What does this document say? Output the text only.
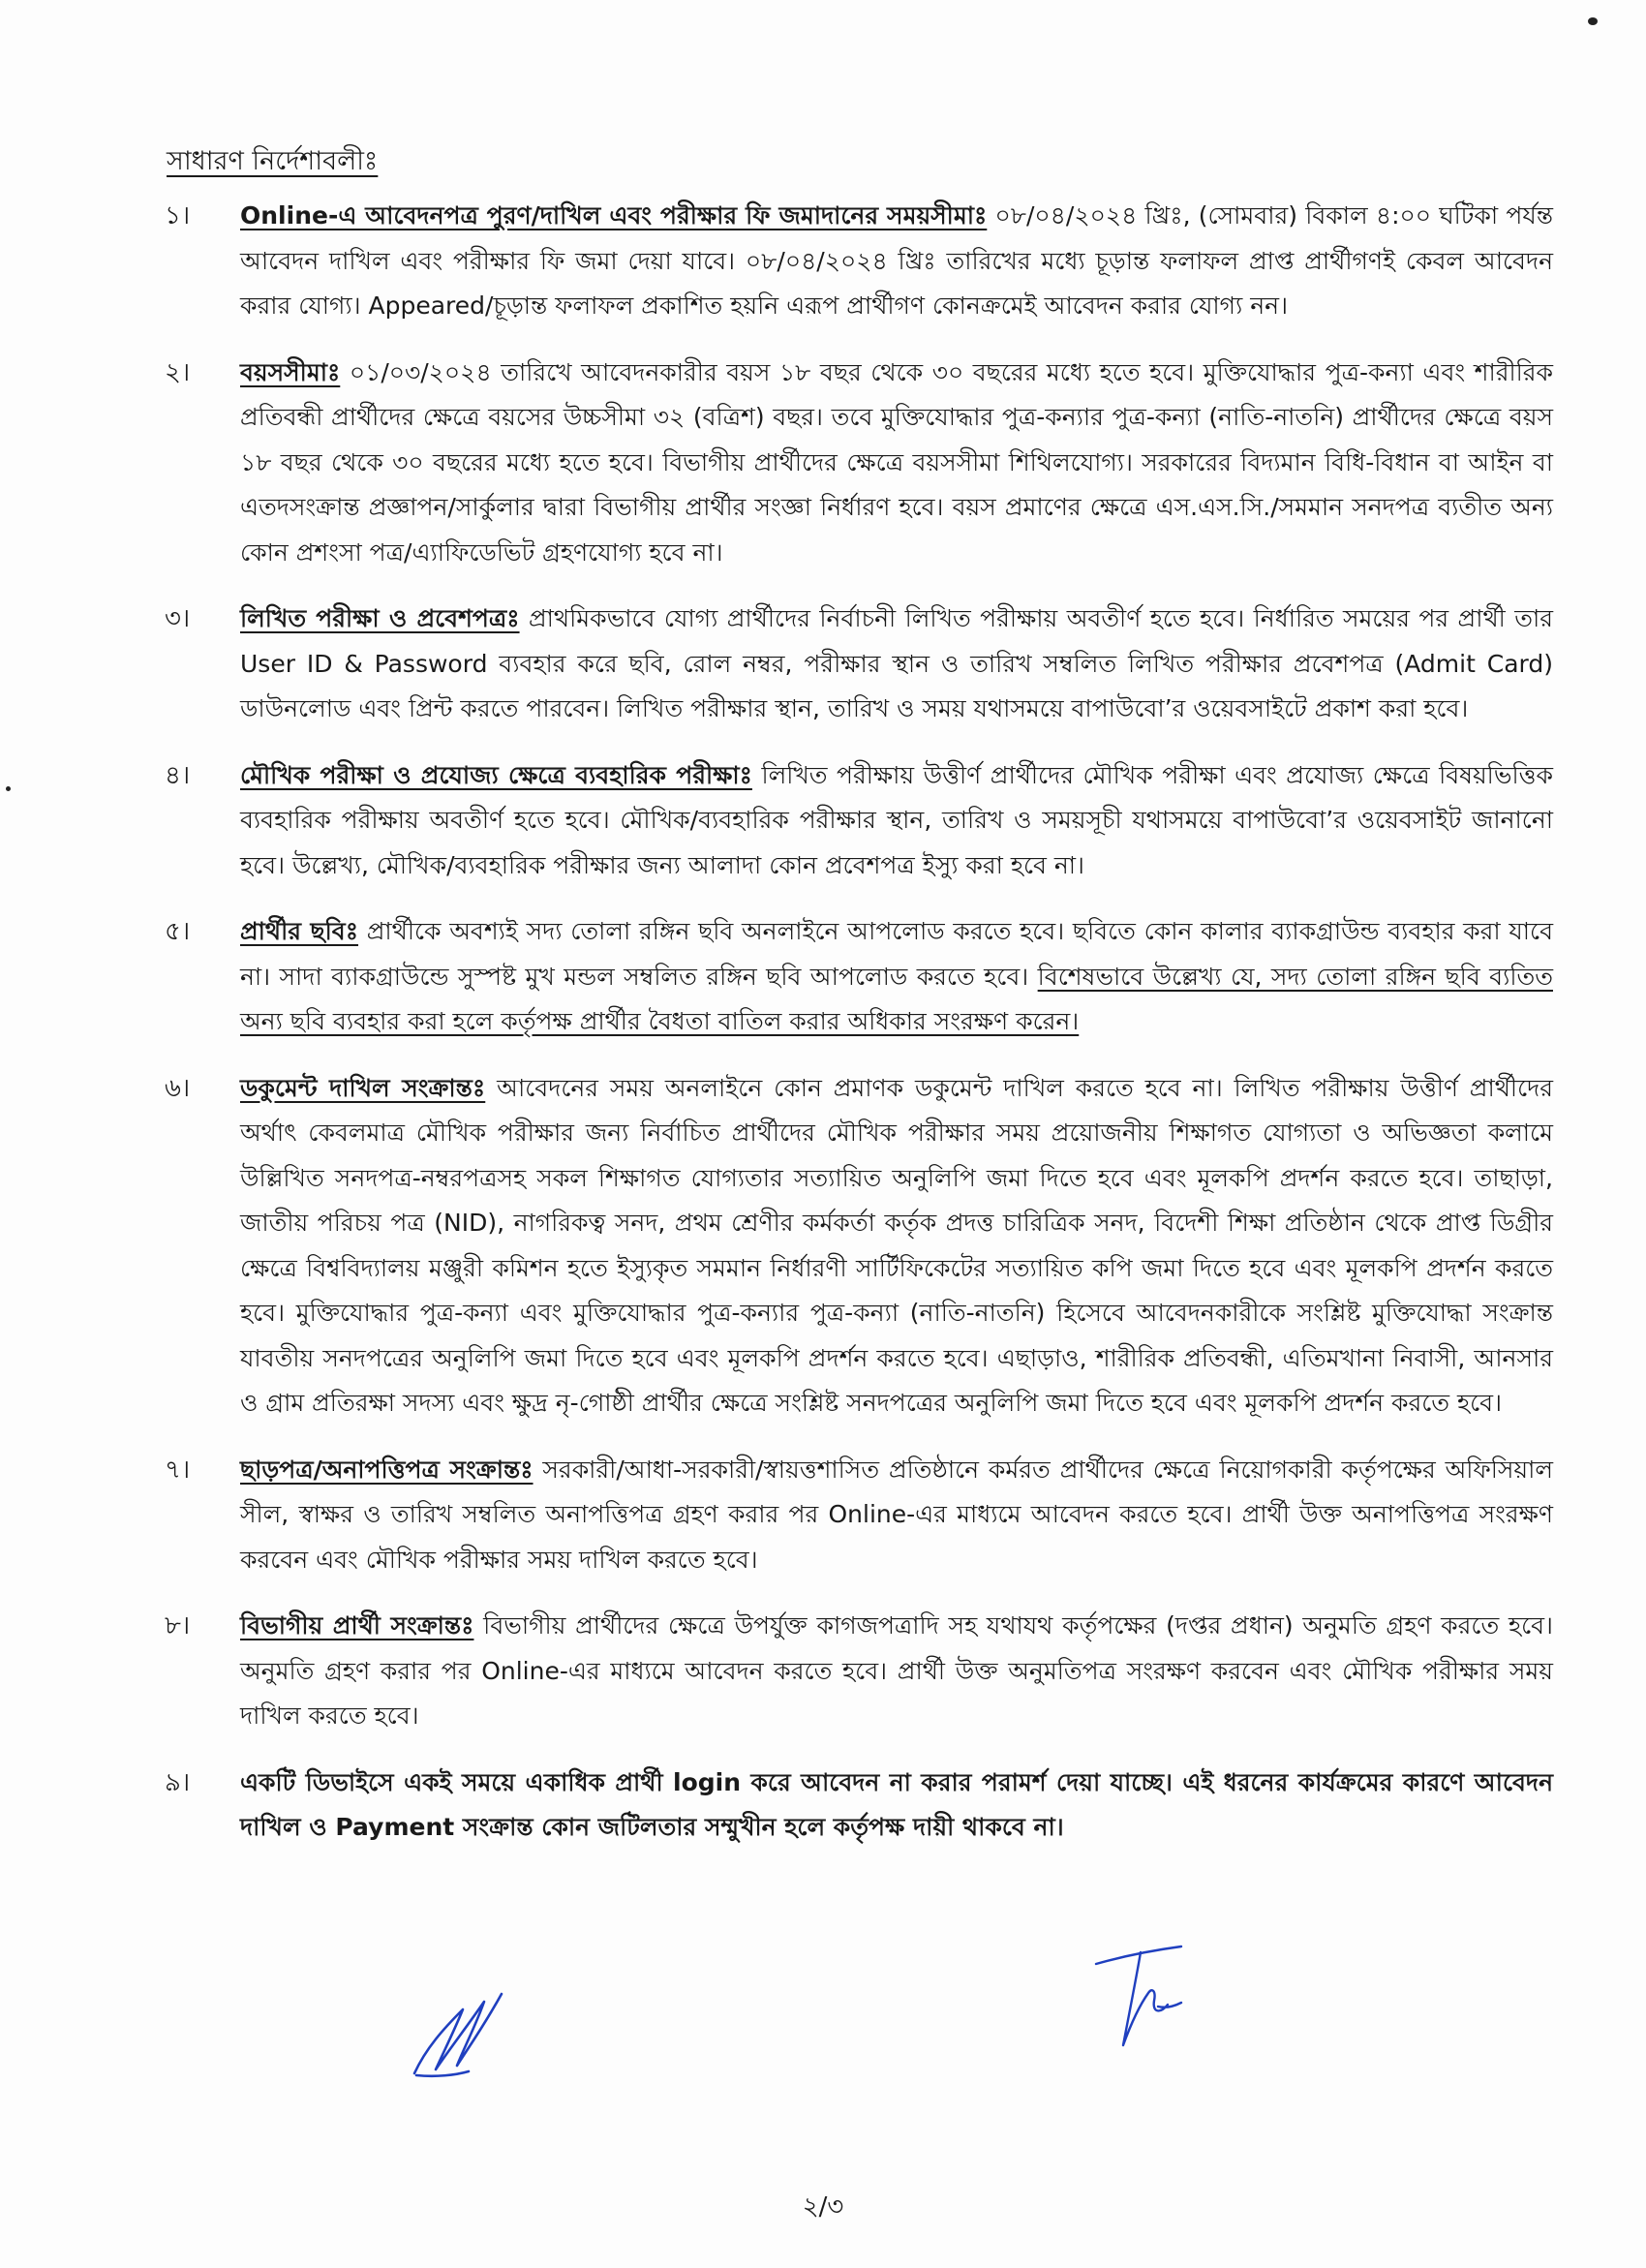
সাধারণ নির্দেশাবলীঃ
১।	Online-এ আবেদনপত্র পুরণ/দাখিল এবং পরীক্ষার ফি জমাদানের সময়সীমাঃ ০৮/০৪/২০২৪ খ্রিঃ, (সোমবার) বিকাল ৪:০০ ঘটিকা পর্যন্ত আবেদন দাখিল এবং পরীক্ষার ফি জমা দেয়া যাবে। ০৮/০৪/২০২৪ খ্রিঃ তারিখের মধ্যে চূড়ান্ত ফলাফল প্রাপ্ত প্রার্থীগণই কেবল আবেদন করার যোগ্য। Appeared/চূড়ান্ত ফলাফল প্রকাশিত হয়নি এরূপ প্রার্থীগণ কোনক্রমেই আবেদন করার যোগ্য নন।
২।	বয়সসীমাঃ ০১/০৩/২০২৪ তারিখে আবেদনকারীর বয়স ১৮ বছর থেকে ৩০ বছরের মধ্যে হতে হবে। মুক্তিযোদ্ধার পুত্র-কন্যা এবং শারীরিক প্রতিবন্ধী প্রার্থীদের ক্ষেত্রে বয়সের উচ্চসীমা ৩২ (বত্রিশ) বছর। তবে মুক্তিযোদ্ধার পুত্র-কন্যার পুত্র-কন্যা (নাতি-নাতনি) প্রার্থীদের ক্ষেত্রে বয়স ১৮ বছর থেকে ৩০ বছরের মধ্যে হতে হবে। বিভাগীয় প্রার্থীদের ক্ষেত্রে বয়সসীমা শিথিলযোগ্য। সরকারের বিদ্যমান বিধি-বিধান বা আইন বা এতদসংক্রান্ত প্রজ্ঞাপন/সার্কুলার দ্বারা বিভাগীয় প্রার্থীর সংজ্ঞা নির্ধারণ হবে। বয়স প্রমাণের ক্ষেত্রে এস.এস.সি./সমমান সনদপত্র ব্যতীত অন্য কোন প্রশংসা পত্র/এ্যাফিডেভিট গ্রহণযোগ্য হবে না।
৩।	লিখিত পরীক্ষা ও প্রবেশপত্রঃ প্রাথমিকভাবে যোগ্য প্রার্থীদের নির্বাচনী লিখিত পরীক্ষায় অবতীর্ণ হতে হবে। নির্ধারিত সময়ের পর প্রার্থী তার User ID & Password ব্যবহার করে ছবি, রোল নম্বর, পরীক্ষার স্থান ও তারিখ সম্বলিত লিখিত পরীক্ষার প্রবেশপত্র (Admit Card) ডাউনলোড এবং প্রিন্ট করতে পারবেন। লিখিত পরীক্ষার স্থান, তারিখ ও সময় যথাসময়ে বাপাউবো’র ওয়েবসাইটে প্রকাশ করা হবে।
৪।	মৌখিক পরীক্ষা ও প্রযোজ্য ক্ষেত্রে ব্যবহারিক পরীক্ষাঃ লিখিত পরীক্ষায় উত্তীর্ণ প্রার্থীদের মৌখিক পরীক্ষা এবং প্রযোজ্য ক্ষেত্রে বিষয়ভিত্তিক ব্যবহারিক পরীক্ষায় অবতীর্ণ হতে হবে। মৌখিক/ব্যবহারিক পরীক্ষার স্থান, তারিখ ও সময়সূচী যথাসময়ে বাপাউবো’র ওয়েবসাইট জানানো হবে। উল্লেখ্য, মৌখিক/ব্যবহারিক পরীক্ষার জন্য আলাদা কোন প্রবেশপত্র ইস্যু করা হবে না।
৫।	প্রার্থীর ছবিঃ প্রার্থীকে অবশ্যই সদ্য তোলা রঙ্গিন ছবি অনলাইনে আপলোড করতে হবে। ছবিতে কোন কালার ব্যাকগ্রাউন্ড ব্যবহার করা যাবে না। সাদা ব্যাকগ্রাউন্ডে সুস্পষ্ট মুখ মন্ডল সম্বলিত রঙ্গিন ছবি আপলোড করতে হবে। বিশেষভাবে উল্লেখ্য যে, সদ্য তোলা রঙ্গিন ছবি ব্যতিত অন্য ছবি ব্যবহার করা হলে কর্তৃপক্ষ প্রার্থীর বৈধতা বাতিল করার অধিকার সংরক্ষণ করেন।
৬।	ডকুমেন্ট দাখিল সংক্রান্তঃ আবেদনের সময় অনলাইনে কোন প্রমাণক ডকুমেন্ট দাখিল করতে হবে না। লিখিত পরীক্ষায় উত্তীর্ণ প্রার্থীদের অর্থাৎ কেবলমাত্র মৌখিক পরীক্ষার জন্য নির্বাচিত প্রার্থীদের মৌখিক পরীক্ষার সময় প্রয়োজনীয় শিক্ষাগত যোগ্যতা ও অভিজ্ঞতা কলামে উল্লিখিত সনদপত্র-নম্বরপত্রসহ সকল শিক্ষাগত যোগ্যতার সত্যায়িত অনুলিপি জমা দিতে হবে এবং মূলকপি প্রদর্শন করতে হবে। তাছাড়া, জাতীয় পরিচয় পত্র (NID), নাগরিকত্ব সনদ, প্রথম শ্রেণীর কর্মকর্তা কর্তৃক প্রদত্ত চারিত্রিক সনদ, বিদেশী শিক্ষা প্রতিষ্ঠান থেকে প্রাপ্ত ডিগ্রীর ক্ষেত্রে বিশ্ববিদ্যালয় মঞ্জুরী কমিশন হতে ইস্যুকৃত সমমান নির্ধারণী সার্টিফিকেটের সত্যায়িত কপি জমা দিতে হবে এবং মূলকপি প্রদর্শন করতে হবে। মুক্তিযোদ্ধার পুত্র-কন্যা এবং মুক্তিযোদ্ধার পুত্র-কন্যার পুত্র-কন্যা (নাতি-নাতনি) হিসেবে আবেদনকারীকে সংশ্লিষ্ট মুক্তিযোদ্ধা সংক্রান্ত যাবতীয় সনদপত্রের অনুলিপি জমা দিতে হবে এবং মূলকপি প্রদর্শন করতে হবে। এছাড়াও, শারীরিক প্রতিবন্ধী, এতিমখানা নিবাসী, আনসার ও গ্রাম প্রতিরক্ষা সদস্য এবং ক্ষুদ্র নৃ-গোষ্ঠী প্রার্থীর ক্ষেত্রে সংশ্লিষ্ট সনদপত্রের অনুলিপি জমা দিতে হবে এবং মূলকপি প্রদর্শন করতে হবে।
৭।	ছাড়পত্র/অনাপত্তিপত্র সংক্রান্তঃ সরকারী/আধা-সরকারী/স্বায়ত্তশাসিত প্রতিষ্ঠানে কর্মরত প্রার্থীদের ক্ষেত্রে নিয়োগকারী কর্তৃপক্ষের অফিসিয়াল সীল, স্বাক্ষর ও তারিখ সম্বলিত অনাপত্তিপত্র গ্রহণ করার পর Online-এর মাধ্যমে আবেদন করতে হবে। প্রার্থী উক্ত অনাপত্তিপত্র সংরক্ষণ করবেন এবং মৌখিক পরীক্ষার সময় দাখিল করতে হবে।
৮।	বিভাগীয় প্রার্থী সংক্রান্তঃ বিভাগীয় প্রার্থীদের ক্ষেত্রে উপর্যুক্ত কাগজপত্রাদি সহ যথাযথ কর্তৃপক্ষের (দপ্তর প্রধান) অনুমতি গ্রহণ করতে হবে। অনুমতি গ্রহণ করার পর Online-এর মাধ্যমে আবেদন করতে হবে। প্রার্থী উক্ত অনুমতিপত্র সংরক্ষণ করবেন এবং মৌখিক পরীক্ষার সময় দাখিল করতে হবে।
৯।	একটি ডিভাইসে একই সময়ে একাধিক প্রার্থী login করে আবেদন না করার পরামর্শ দেয়া যাচ্ছে। এই ধরনের কার্যক্রমের কারণে আবেদন দাখিল ও Payment সংক্রান্ত কোন জটিলতার সম্মুখীন হলে কর্তৃপক্ষ দায়ী থাকবে না।
২/৩
